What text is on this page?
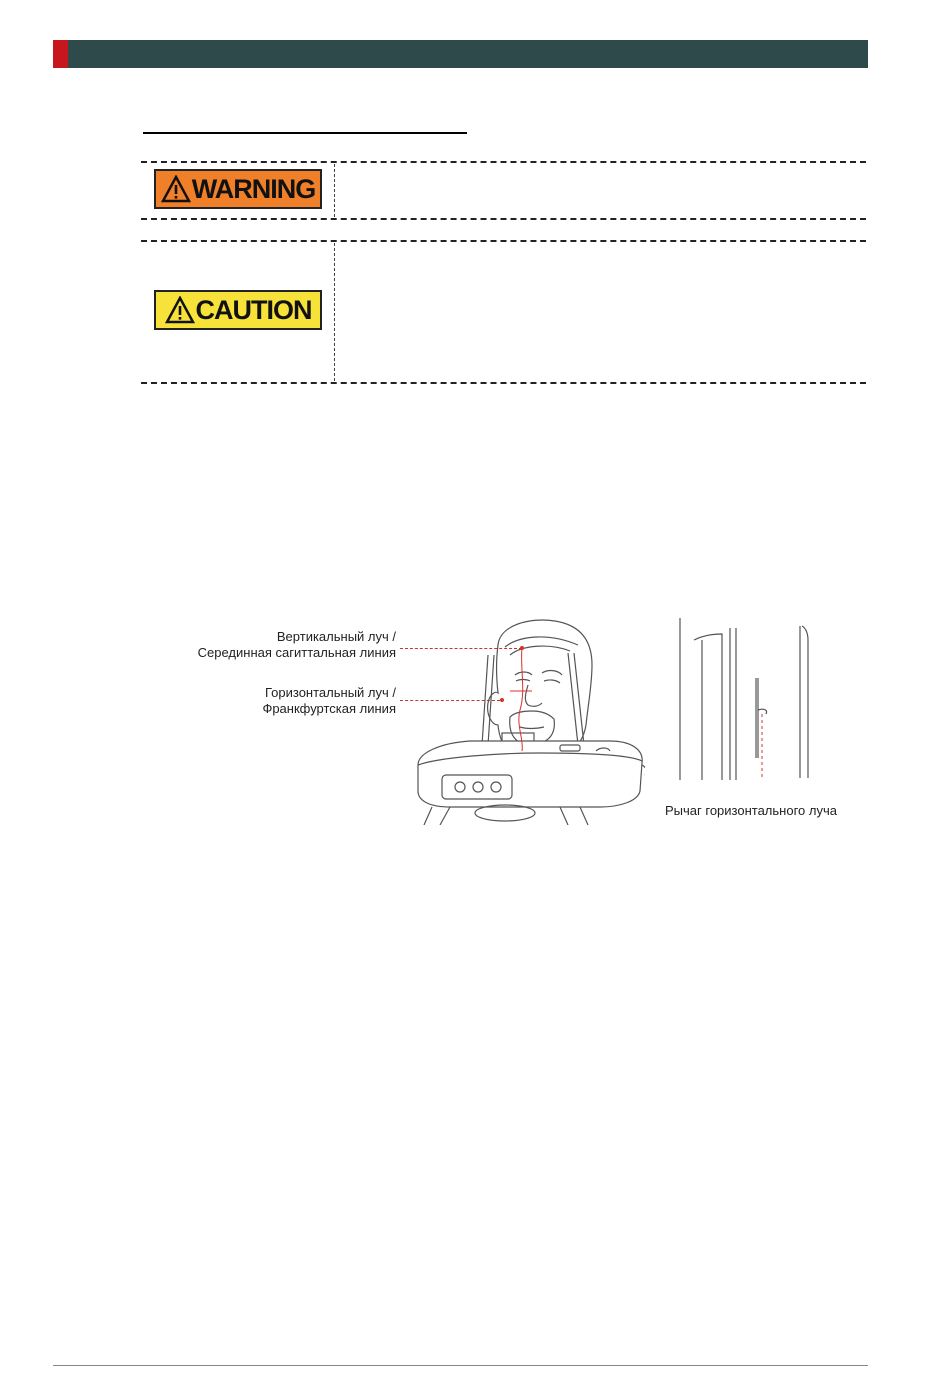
WARNING
CAUTION
Вертикальный луч /
Серединная сагиттальная линия
Горизонтальный луч /
Франкфуртская линия
Рычаг горизонтального луча
